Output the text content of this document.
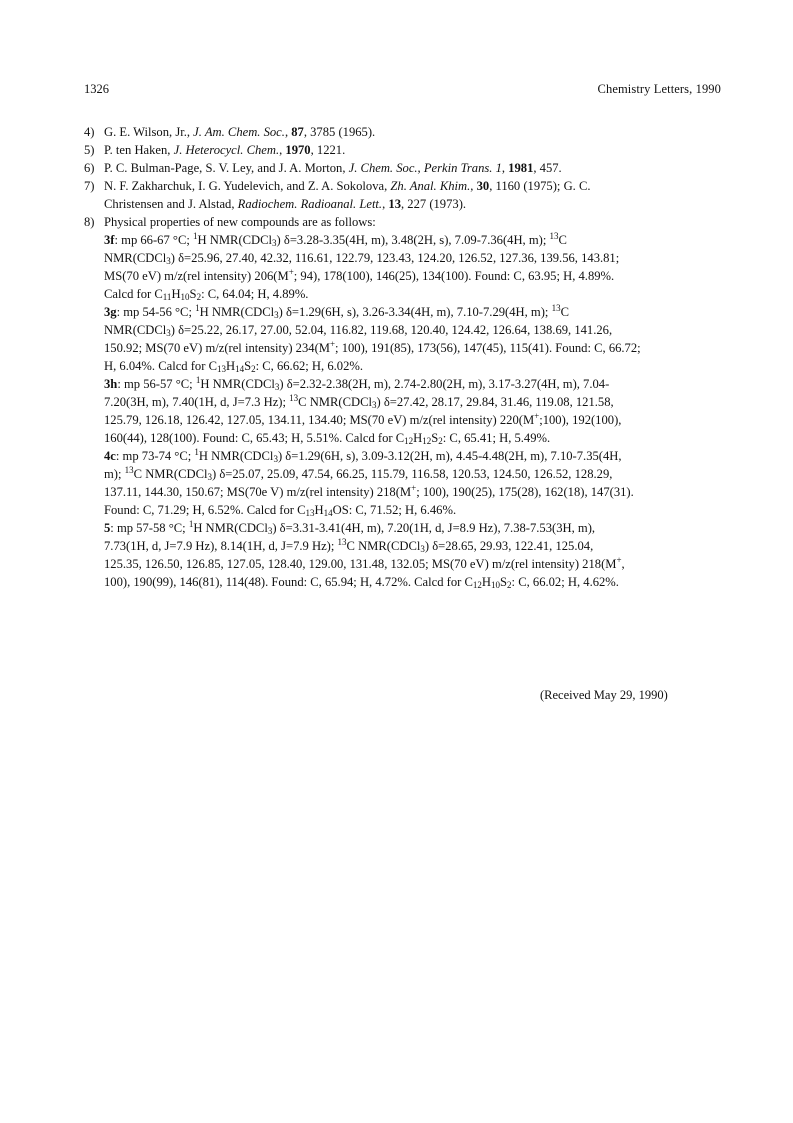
1326	Chemistry Letters, 1990
4) G. E. Wilson, Jr., J. Am. Chem. Soc., 87, 3785 (1965).
5) P. ten Haken, J. Heterocycl. Chem., 1970, 1221.
6) P. C. Bulman-Page, S. V. Ley, and J. A. Morton, J. Chem. Soc., Perkin Trans. 1, 1981, 457.
7) N. F. Zakharchuk, I. G. Yudelevich, and Z. A. Sokolova, Zh. Anal. Khim., 30, 1160 (1975); G. C.
Christensen and J. Alstad, Radiochem. Radioanal. Lett., 13, 227 (1973).
8) Physical properties of new compounds are as follows:
3f: mp 66-67 °C; $^1$H NMR(CDCl$_3$) δ=3.28-3.35(4H, m), 3.48(2H, s), 7.09-7.36(4H, m); $^{13}$C
NMR(CDCl$_3$) δ=25.96, 27.40, 42.32, 116.61, 122.79, 123.43, 124.20, 126.52, 127.36, 139.56, 143.81;
MS(70 eV) m/z(rel intensity) 206(M+; 94), 178(100), 146(25), 134(100). Found: C, 63.95; H, 4.89%.
Calcd for $C_{11}H_{10}S_2$: C, 64.04; H, 4.89%.
3g: mp 54-56 °C; $^1$H NMR(CDCl$_3$) δ=1.29(6H, s), 3.26-3.34(4H, m), 7.10-7.29(4H, m); $^{13}$C
NMR(CDCl$_3$) δ=25.22, 26.17, 27.00, 52.04, 116.82, 119.68, 120.40, 124.42, 126.64, 138.69, 141.26,
150.92; MS(70 eV) m/z(rel intensity) 234(M+; 100), 191(85), 173(56), 147(45), 115(41). Found: C, 66.72;
H, 6.04%. Calcd for $C_{13}H_{14}S_2$: C, 66.62; H, 6.02%.
3h: mp 56-57 °C; $^1$H NMR(CDCl$_3$) δ=2.32-2.38(2H, m), 2.74-2.80(2H, m), 3.17-3.27(4H, m), 7.04-
7.20(3H, m), 7.40(1H, d, J=7.3 Hz); $^{13}$C NMR(CDCl$_3$) δ=27.42, 28.17, 29.84, 31.46, 119.08, 121.58,
125.79, 126.18, 126.42, 127.05, 134.11, 134.40; MS(70 eV) m/z(rel intensity) 220(M+;100), 192(100),
160(44), 128(100). Found: C, 65.43; H, 5.51%. Calcd for $C_{12}H_{12}S_2$: C, 65.41; H, 5.49%.
4c: mp 73-74 °C; $^1$H NMR(CDCl$_3$) δ=1.29(6H, s), 3.09-3.12(2H, m), 4.45-4.48(2H, m), 7.10-7.35(4H,
m); $^{13}$C NMR(CDCl$_3$) δ=25.07, 25.09, 47.54, 66.25, 115.79, 116.58, 120.53, 124.50, 126.52, 128.29,
137.11, 144.30, 150.67; MS(70e V) m/z(rel intensity) 218(M+; 100), 190(25), 175(28), 162(18), 147(31).
Found: C, 71.29; H, 6.52%. Calcd for $C_{13}H_{14}OS$: C, 71.52; H, 6.46%.
5: mp 57-58 °C; $^1$H NMR(CDCl$_3$) δ=3.31-3.41(4H, m), 7.20(1H, d, J=8.9 Hz), 7.38-7.53(3H, m),
7.73(1H, d, J=7.9 Hz), 8.14(1H, d, J=7.9 Hz); $^{13}$C NMR(CDCl$_3$) δ=28.65, 29.93, 122.41, 125.04,
125.35, 126.50, 126.85, 127.05, 128.40, 129.00, 131.48, 132.05; MS(70 eV) m/z(rel intensity) 218(M+,
100), 190(99), 146(81), 114(48). Found: C, 65.94; H, 4.72%. Calcd for $C_{12}H_{10}S_2$: C, 66.02; H, 4.62%.
(Received May 29, 1990)
